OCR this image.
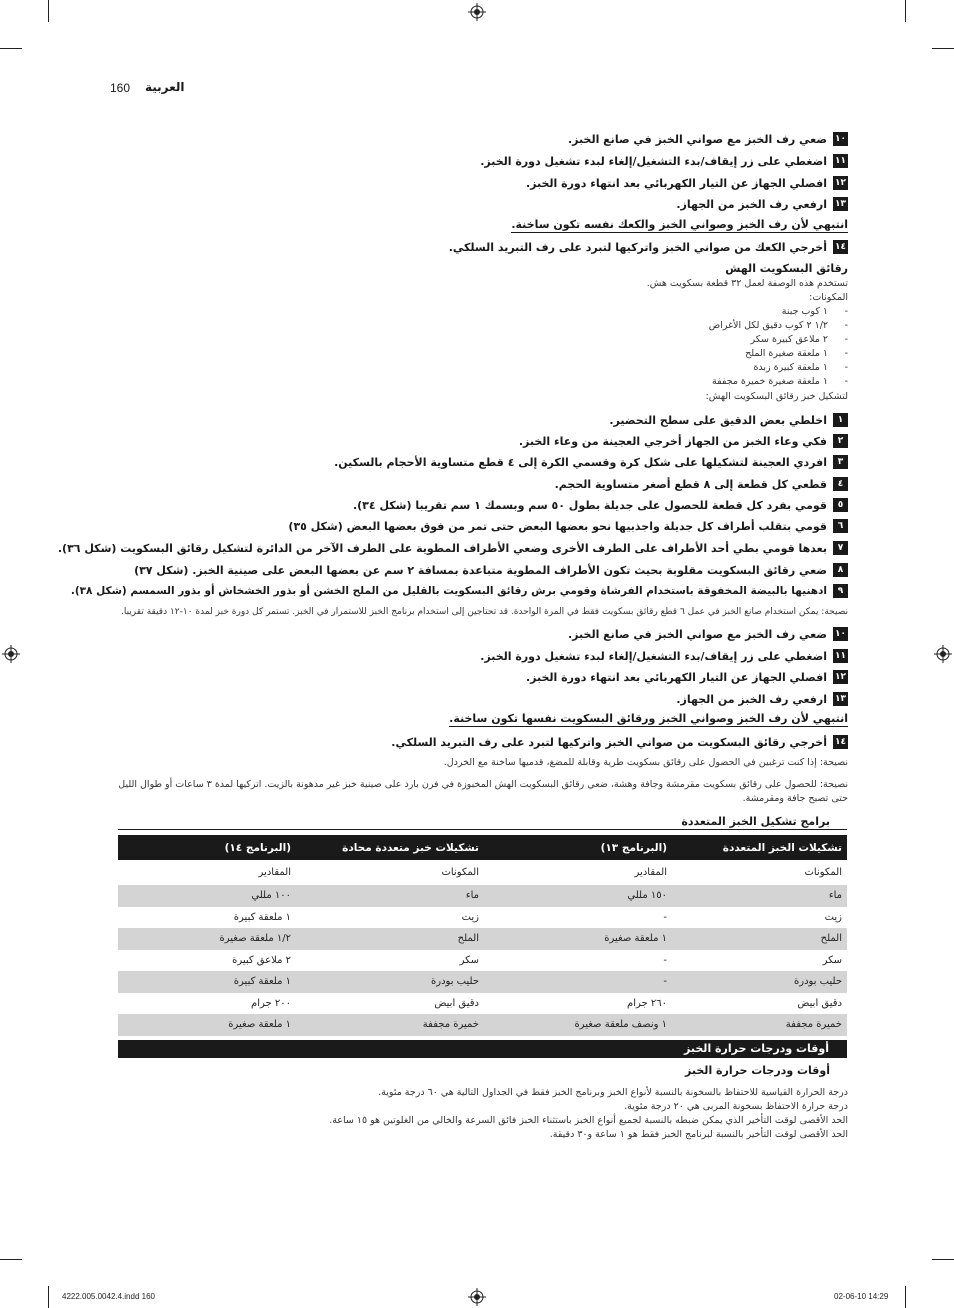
160 العربية
١٠
ضعي رف الخبز مع صواني الخبز في صانع الخبز.
١١
اضغطي على زر إيقاف/بدء التشغيل/إلغاء لبدء تشغيل دورة الخبز.
١٢
افصلي الجهاز عن التيار الكهربائي بعد انتهاء دورة الخبز.
١٣
ارفعي رف الخبز من الجهاز.
انتبهي لأن رف الخبز وصواني الخبز والكعك نفسه تكون ساخنة.
١٤
أخرجي الكعك من صواني الخبز واتركيها لتبرد على رف التبريد السلكي.
رقائق البسكويت الهش
تستخدم هذه الوصفة لعمل ٣٢ قطعة بسكويت هش.
المكونات:
-١ كوب جبنة
-١/٢ ٢ كوب دقيق لكل الأغراض
-٢ ملاعق كبيرة سكر
-١ ملعقة صغيرة الملح
-١ ملعقة كبيرة زبدة
-١ ملعقة صغيرة خميرة مجففة
لتشكيل خبز رقائق البسكويت الهش:
١
اخلطي بعض الدقيق على سطح التحضير.
٢
فكي وعاء الخبز من الجهاز أخرجي العجينة من وعاء الخبز.
٣
افردي العجينة لتشكيلها على شكل كرة وقسمي الكرة إلى ٤ قطع متساوية الأحجام بالسكين.
٤
قطعي كل قطعة إلى ٨ قطع أصغر متساوية الحجم.
٥
قومي بفرد كل قطعة للحصول على جديلة بطول ٥٠ سم وبسمك ١ سم تقريبا (شكل ٣٤).
٦
قومي بتقلب أطراف كل جديلة واجذبيها نحو بعضها البعض حتى تمر من فوق بعضها البعض (شكل ٣٥)
٧
بعدها قومي بطي أحد الأطراف على الطرف الأخرى وضعي الأطراف المطوية على الطرف الآخر من الدائرة لتشكيل رقائق البسكويت (شكل ٣٦).
٨
ضعي رقائق البسكويت مقلوبة بحيث تكون الأطراف المطوية متباعدة بمسافة ٢ سم عن بعضها البعض على صينية الخبز. (شكل ٣٧)
٩
ادهنيها بالبيضة المخفوقة باستخدام الفرشاة وقومي برش رقائق البسكويت بالقليل من الملح الخشن أو بذور الخشخاش أو بذور السمسم (شكل ٣٨).
نصيحة: يمكن استخدام صانع الخبز في عمل ٦ قطع رقائق بسكويت فقط في المرة الواحدة. قد تحتاجين إلى استخدام برنامج الخبز للاستمرار في الخبز. تستمر كل دورة خبز لمدة ١٠-١٢ دقيقة تقريبا.
١٠
ضعي رف الخبز مع صواني الخبز في صانع الخبز.
١١
اضغطي على زر إيقاف/بدء التشغيل/إلغاء لبدء تشغيل دورة الخبز.
١٢
افصلي الجهاز عن التيار الكهربائي بعد انتهاء دورة الخبز.
١٣
ارفعي رف الخبز من الجهاز.
انتبهي لأن رف الخبز وصواني الخبز ورقائق البسكويت نفسها تكون ساخنة.
١٤
أخرجي رقائق البسكويت من صواني الخبز واتركيها لتبرد على رف التبريد السلكي.
نصيحة: إذا كنت ترغبين في الحصول على رقائق بسكويت طرية وقابلة للمضغ، قدميها ساخنة مع الخردل.
نصيحة: للحصول على رقائق بسكويت مقرمشة وجافة وهشة، ضعي رقائق البسكويت الهش المخبوزة في فرن بارد على صينية خبز غير مدهونة بالزيت. اتركيها لمدة ٣ ساعات أو طوال الليل حتى تصبح جافة ومقرمشة.
برامج تشكيل الخبز المتعددة
تشكيلات الخبز المتعددة
(البرنامج ١٣)
تشكيلات خبز متعددة محادة
(البرنامج ١٤)
المكونات
المقادير
المكونات
المقادير
ماء
١٥٠ مللي
ماء
١٠٠ مللي
زيت
-
زيت
١ ملعقة كبيرة
الملح
١ ملعقة صغيرة
الملح
١/٢ ملعقة صغيرة
سكر
-
سكر
٢ ملاعق كبيرة
حليب بودرة
-
حليب بودرة
١ ملعقة كبيرة
دقيق أبيض
٢٦٠ جرام
دقيق أبيض
٢٠٠ جرام
خميرة مجففة
١ ونصف ملعقة صغيرة
خميرة مجففة
١ ملعقة صغيرة
أوقات ودرجات حرارة الخبز
أوقات ودرجات حرارة الخبز
درجة الحرارة القياسية للاحتفاظ بالسخونة بالنسبة لأنواع الخبز وبرنامج الخبز فقط في الجداول التالية هي ٦٠ درجة مئوية.
درجة حرارة الاحتفاظ بسخونة المربى هي ٢٠ درجة مئوية.
الحد الأقصى لوقت التأخير الذي يمكن ضبطه بالنسبة لجميع أنواع الخبز باستثناء الخبز فائق السرعة والخالي من الغلوتين هو ١٥ ساعة.
الحد الأقصى لوقت التأخير بالنسبة لبرنامج الخبز فقط هو ١ ساعة و٣٠ دقيقة.
4222.005.0042.4.indd 160	02-06-10 14:29
